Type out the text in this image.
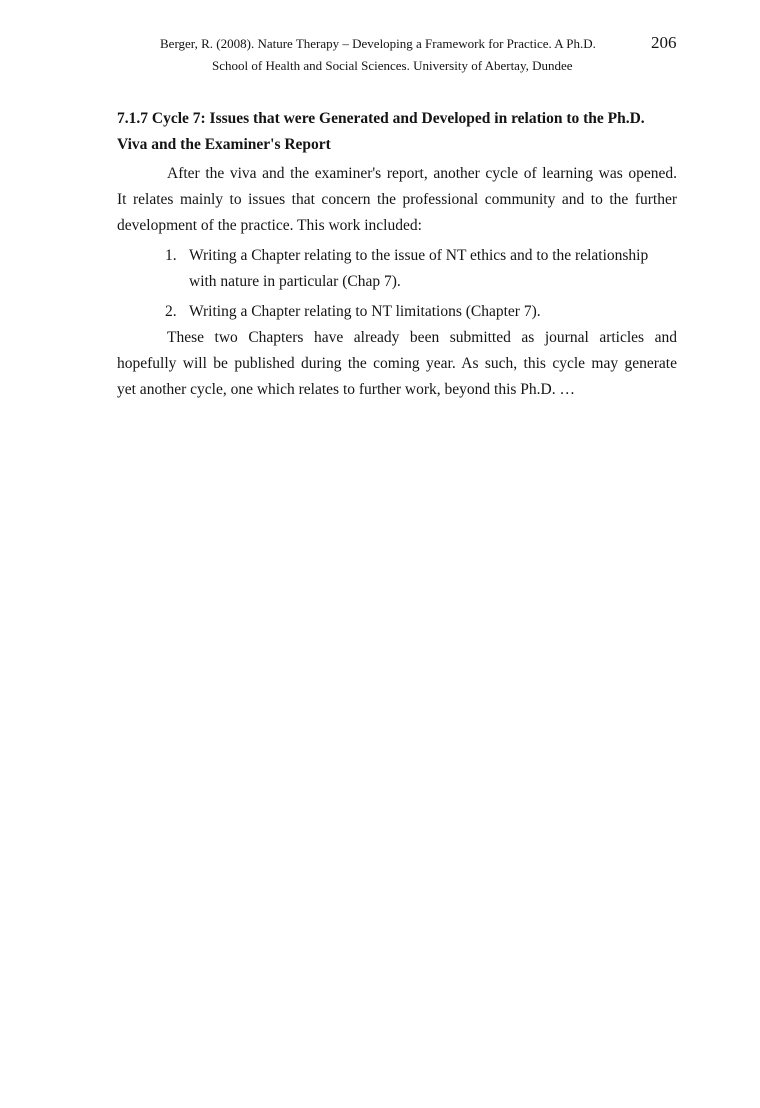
Berger, R. (2008). Nature Therapy – Developing a Framework for Practice. A Ph.D.	206
School of Health and Social Sciences. University of Abertay, Dundee
7.1.7 Cycle 7: Issues that were Generated and Developed in relation to the Ph.D.
Viva and the Examiner's Report
After the viva and the examiner's report, another cycle of learning was opened.
It relates mainly to issues that concern the professional community and to the further
development of the practice. This work included:
1. Writing a Chapter relating to the issue of NT ethics and to the relationship
with nature in particular (Chap 7).
2. Writing a Chapter relating to NT limitations (Chapter 7).
These two Chapters have already been submitted as journal articles and
hopefully will be published during the coming year. As such, this cycle may generate
yet another cycle, one which relates to further work, beyond this Ph.D. …
